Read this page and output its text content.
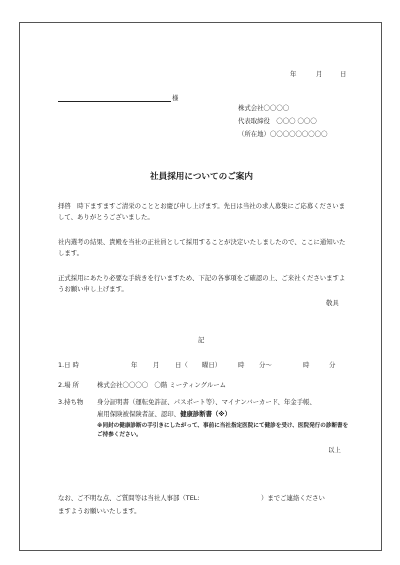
年	月	日
様
株式会社〇〇〇〇
代表取締役　〇〇〇 〇〇〇
（所在地）〇〇〇〇〇〇〇〇〇
社員採用についてのご案内
拝啓　時下ますますご清栄のこととお慶び申し上げます。先日は当社の求人募集にご応募くださいまして、ありがとうございました。
社内選考の結果、貴殿を当社の正社員として採用することが決定いたしましたので、ここに通知いたします。
正式採用にあたり必要な手続きを行いますため、下記の各事項をご確認の上、ご来社くださいますようお願い申し上げます。
敬具
記
1.日 時	年 月 日（ 曜日）	時 分～	時	分
2.場 所	株式会社〇〇〇〇　〇階 ミーティングルーム
3.持ち物 身分証明書（運転免許証、パスポート等）、マイナンバーカード、年金手帳、
雇用保険被保険者証、認印、健康診断書（※）
※同封の健康診断の手引きにしたがって、事前に当社指定医院にて健診を受け、医院発行の診断書をご持参ください。
以上
なお、ご不明な点、ご質問等は当社人事部（TEL:	）までご連絡ください
ますようお願いいたします。
